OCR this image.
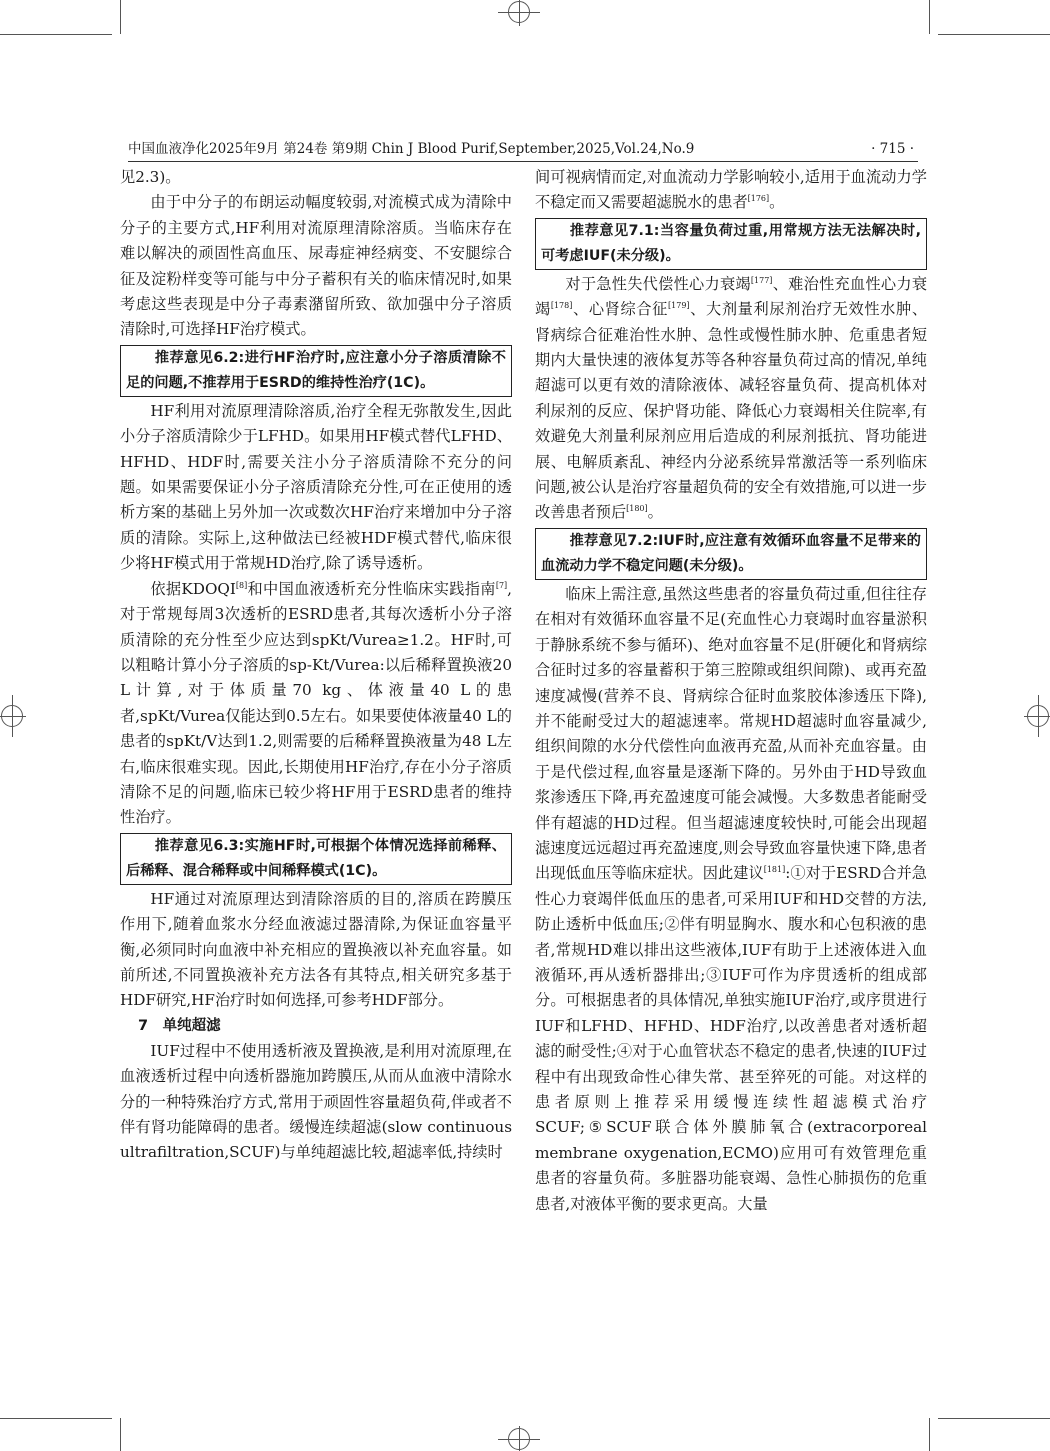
中国血液净化2025年9月 第24卷 第9期 Chin J Blood Purif,September,2025,Vol.24,No.9	· 715 ·

见2.3)。

由于中分子的布朗运动幅度较弱,对流模式成为清除中分子的主要方式,HF利用对流原理清除溶质。当临床存在难以解决的顽固性高血压、尿毒症神经病变、不安腿综合征及淀粉样变等可能与中分子蓄积有关的临床情况时,如果考虑这些表现是中分子毒素潴留所致、欲加强中分子溶质清除时,可选择HF治疗模式。

推荐意见6.2:进行HF治疗时,应注意小分子溶质清除不足的问题,不推荐用于ESRD的维持性治疗(1C)。

HF利用对流原理清除溶质,治疗全程无弥散发生,因此小分子溶质清除少于LFHD。如果用HF模式替代LFHD、HFHD、HDF时,需要关注小分子溶质清除不充分的问题。如果需要保证小分子溶质清除充分性,可在正使用的透析方案的基础上另外加一次或数次HF治疗来增加中分子溶质的清除。实际上,这种做法已经被HDF模式替代,临床很少将HF模式用于常规HD治疗,除了诱导透析。

依据KDOQI[8]和中国血液透析充分性临床实践指南[7],对于常规每周3次透析的ESRD患者,其每次透析小分子溶质清除的充分性至少应达到spKt/Vurea≥1.2。HF时,可以粗略计算小分子溶质的sp-Kt/Vurea:以后稀释置换液20 L计算,对于体质量70 kg、体液量40 L的患者,spKt/Vurea仅能达到0.5左右。如果要使体液量40 L的患者的spKt/V达到1.2,则需要的后稀释置换液量为48 L左右,临床很难实现。因此,长期使用HF治疗,存在小分子溶质清除不足的问题,临床已较少将HF用于ESRD患者的维持性治疗。

推荐意见6.3:实施HF时,可根据个体情况选择前稀释、后稀释、混合稀释或中间稀释模式(1C)。

HF通过对流原理达到清除溶质的目的,溶质在跨膜压作用下,随着血浆水分经血液滤过器清除,为保证血容量平衡,必须同时向血液中补充相应的置换液以补充血容量。如前所述,不同置换液补充方法各有其特点,相关研究多基于HDF研究,HF治疗时如何选择,可参考HDF部分。

7　单纯超滤

IUF过程中不使用透析液及置换液,是利用对流原理,在血液透析过程中向透析器施加跨膜压,从而从血液中清除水分的一种特殊治疗方式,常用于顽固性容量超负荷,伴或者不伴有肾功能障碍的患者。缓慢连续超滤(slow continuous ultrafiltration,SCUF)与单纯超滤比较,超滤率低,持续时

间可视病情而定,对血流动力学影响较小,适用于血流动力学不稳定而又需要超滤脱水的患者[176]。

推荐意见7.1:当容量负荷过重,用常规方法无法解决时,可考虑IUF(未分级)。

对于急性失代偿性心力衰竭[177]、难治性充血性心力衰竭[178]、心肾综合征[179]、大剂量利尿剂治疗无效性水肿、肾病综合征难治性水肿、急性或慢性肺水肿、危重患者短期内大量快速的液体复苏等各种容量负荷过高的情况,单纯超滤可以更有效的清除液体、减轻容量负荷、提高机体对利尿剂的反应、保护肾功能、降低心力衰竭相关住院率,有效避免大剂量利尿剂应用后造成的利尿剂抵抗、肾功能进展、电解质紊乱、神经内分泌系统异常激活等一系列临床问题,被公认是治疗容量超负荷的安全有效措施,可以进一步改善患者预后[180]。

推荐意见7.2:IUF时,应注意有效循环血容量不足带来的血流动力学不稳定问题(未分级)。

临床上需注意,虽然这些患者的容量负荷过重,但往往存在相对有效循环血容量不足(充血性心力衰竭时血容量淤积于静脉系统不参与循环)、绝对血容量不足(肝硬化和肾病综合征时过多的容量蓄积于第三腔隙或组织间隙)、或再充盈速度减慢(营养不良、肾病综合征时血浆胶体渗透压下降),并不能耐受过大的超滤速率。常规HD超滤时血容量减少,组织间隙的水分代偿性向血液再充盈,从而补充血容量。由于是代偿过程,血容量是逐渐下降的。另外由于HD导致血浆渗透压下降,再充盈速度可能会减慢。大多数患者能耐受伴有超滤的HD过程。但当超滤速度较快时,可能会出现超滤速度远远超过再充盈速度,则会导致血容量快速下降,患者出现低血压等临床症状。因此建议[181]:①对于ESRD合并急性心力衰竭伴低血压的患者,可采用IUF和HD交替的方法,防止透析中低血压;②伴有明显胸水、腹水和心包积液的患者,常规HD难以排出这些液体,IUF有助于上述液体进入血液循环,再从透析器排出;③IUF可作为序贯透析的组成部分。可根据患者的具体情况,单独实施IUF治疗,或序贯进行IUF和LFHD、HFHD、HDF治疗,以改善患者对透析超滤的耐受性;④对于心血管状态不稳定的患者,快速的IUF过程中有出现致命性心律失常、甚至猝死的可能。对这样的患者原则上推荐采用缓慢连续性超滤模式治疗SCUF;⑤SCUF联合体外膜肺氧合(extracorporeal membrane oxygenation,ECMO)应用可有效管理危重患者的容量负荷。多脏器功能衰竭、急性心肺损伤的危重患者,对液体平衡的要求更高。大量
